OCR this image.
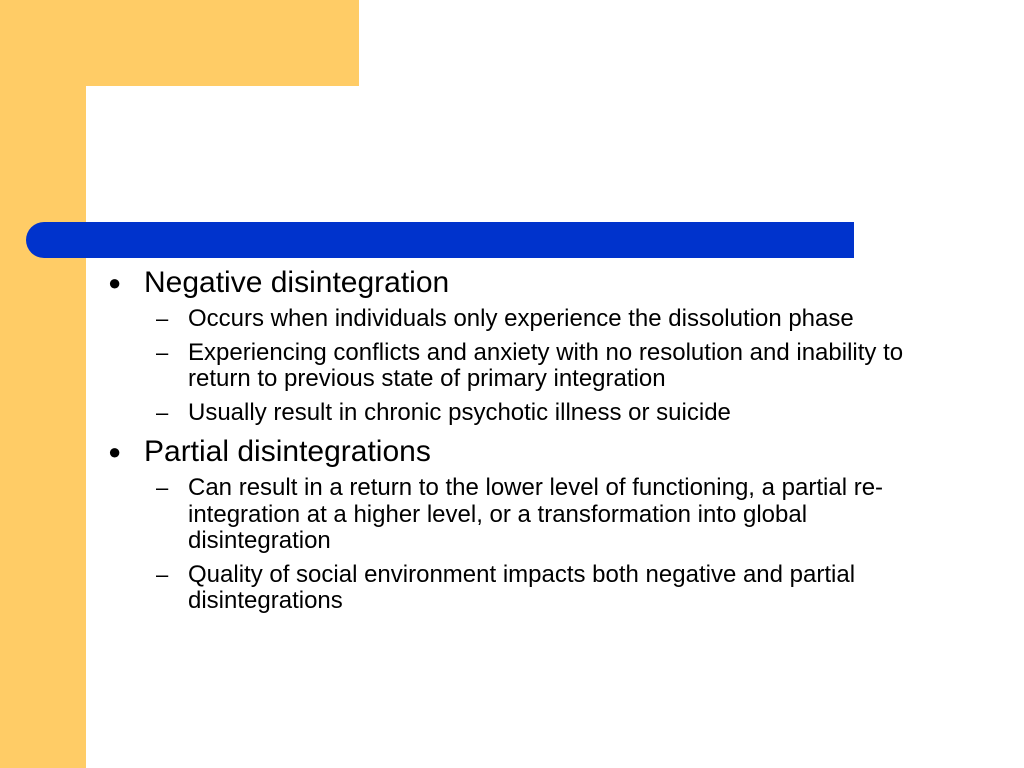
● Negative disintegration
– Occurs when individuals only experience the dissolution phase
– Experiencing conflicts and anxiety with no resolution and inability to return to previous state of primary integration
– Usually result in chronic psychotic illness or suicide
● Partial disintegrations
– Can result in a return to the lower level of functioning, a partial re-integration at a higher level, or a transformation into global disintegration
– Quality of social environment impacts both negative and partial disintegrations
